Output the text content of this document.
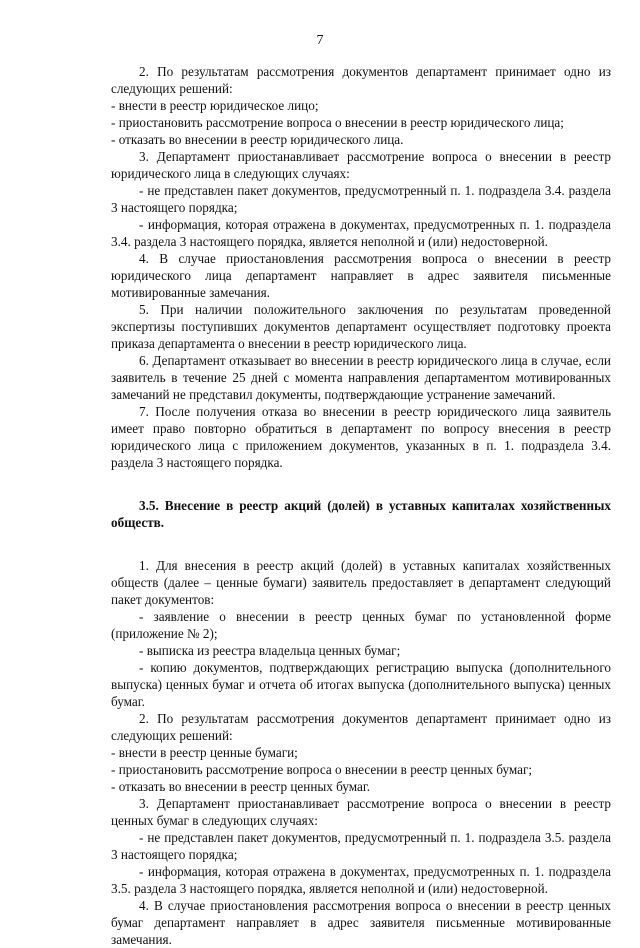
7

2. По результатам рассмотрения документов департамент принимает одно из следующих решений:

- внести в реестр юридическое лицо;

- приостановить рассмотрение вопроса о внесении в реестр юридического лица;

- отказать во внесении в реестр юридического лица.

3. Департамент приостанавливает рассмотрение вопроса о внесении в реестр юридического лица в следующих случаях:

- не представлен пакет документов, предусмотренный п. 1. подраздела 3.4. раздела 3 настоящего порядка;

- информация, которая отражена в документах, предусмотренных п. 1. подраздела 3.4. раздела 3 настоящего порядка, является неполной и (или) недостоверной.

4. В случае приостановления рассмотрения вопроса о внесении в реестр юридического лица департамент направляет в адрес заявителя письменные мотивированные замечания.

5. При наличии положительного заключения по результатам проведенной экспертизы поступивших документов департамент осуществляет подготовку проекта приказа департамента о внесении в реестр юридического лица.

6. Департамент отказывает во внесении в реестр юридического лица в случае, если заявитель в течение 25 дней с момента направления департаментом мотивированных замечаний не представил документы, подтверждающие устранение замечаний.

7. После получения отказа во внесении в реестр юридического лица заявитель имеет право повторно обратиться в департамент по вопросу внесения в реестр юридического лица с приложением документов, указанных в п. 1. подраздела 3.4. раздела 3 настоящего порядка.

3.5. Внесение в реестр акций (долей) в уставных капиталах хозяйственных обществ.

1. Для внесения в реестр акций (долей) в уставных капиталах хозяйственных обществ (далее – ценные бумаги) заявитель предоставляет в департамент следующий пакет документов:

- заявление о внесении в реестр ценных бумаг по установленной форме (приложение № 2);

- выписка из реестра владельца ценных бумаг;

- копию документов, подтверждающих регистрацию выпуска (дополнительного выпуска) ценных бумаг и отчета об итогах выпуска (дополнительного выпуска) ценных бумаг.

2. По результатам рассмотрения документов департамент принимает одно из следующих решений:

- внести в реестр ценные бумаги;

- приостановить рассмотрение вопроса о внесении в реестр ценных бумаг;

- отказать во внесении в реестр ценных бумаг.

3. Департамент приостанавливает рассмотрение вопроса о внесении в реестр ценных бумаг в следующих случаях:

- не представлен пакет документов, предусмотренный п. 1. подраздела 3.5. раздела 3 настоящего порядка;

- информация, которая отражена в документах, предусмотренных п. 1. подраздела 3.5. раздела 3 настоящего порядка, является неполной и (или) недостоверной.

4. В случае приостановления рассмотрения вопроса о внесении в реестр ценных бумаг департамент направляет в адрес заявителя письменные мотивированные замечания.
